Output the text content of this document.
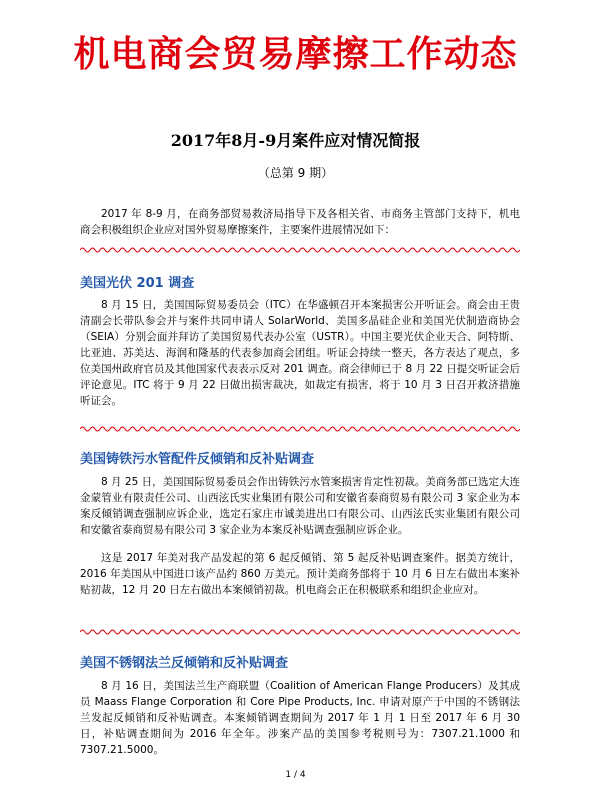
机电商会贸易摩擦工作动态
2017年8月-9月案件应对情况简报
（总第 9 期）

2017 年 8-9 月，在商务部贸易救济局指导下及各相关省、市商务主管部门支持下，机电商会积极组织企业应对国外贸易摩擦案件，主要案件进展情况如下：

美国光伏 201 调查

8 月 15 日，美国国际贸易委员会（ITC）在华盛顿召开本案损害公开听证会。商会由王贵清副会长带队参会并与案件共同申请人 SolarWorld、美国多晶硅企业和美国光伏制造商协会（SEIA）分别会面并拜访了美国贸易代表办公室（USTR）。中国主要光伏企业天合、阿特斯、比亚迪、苏美达、海润和隆基的代表参加商会团组。听证会持续一整天，各方表达了观点，多位美国州政府官员及其他国家代表表示反对 201 调查。商会律师已于 8 月 22 日提交听证会后评论意见。ITC 将于 9 月 22 日做出损害裁决，如裁定有损害，将于 10 月 3 日召开救济措施听证会。

美国铸铁污水管配件反倾销和反补贴调查

8 月 25 日，美国国际贸易委员会作出铸铁污水管案损害肯定性初裁。美商务部已选定大连金蒙管业有限责任公司、山西泫氏实业集团有限公司和安徽省泰商贸易有限公司 3 家企业为本案反倾销调查强制应诉企业，选定石家庄市诚美进出口有限公司、山西泫氏实业集团有限公司和安徽省泰商贸易有限公司 3 家企业为本案反补贴调查强制应诉企业。

这是 2017 年美对我产品发起的第 6 起反倾销、第 5 起反补贴调查案件。据美方统计，2016 年美国从中国进口该产品约 860 万美元。预计美商务部将于 10 月 6 日左右做出本案补贴初裁，12 月 20 日左右做出本案倾销初裁。机电商会正在积极联系和组织企业应对。

美国不锈钢法兰反倾销和反补贴调查

8 月 16 日，美国法兰生产商联盟（Coalition of American Flange Producers）及其成员 Maass Flange Corporation 和 Core Pipe Products, Inc. 申请对原产于中国的不锈钢法兰发起反倾销和反补贴调查。本案倾销调查期间为 2017 年 1 月 1 日至 2017 年 6 月 30 日，补贴调查期间为 2016 年全年。涉案产品的美国参考税则号为：7307.21.1000 和 7307.21.5000。

1 / 4
